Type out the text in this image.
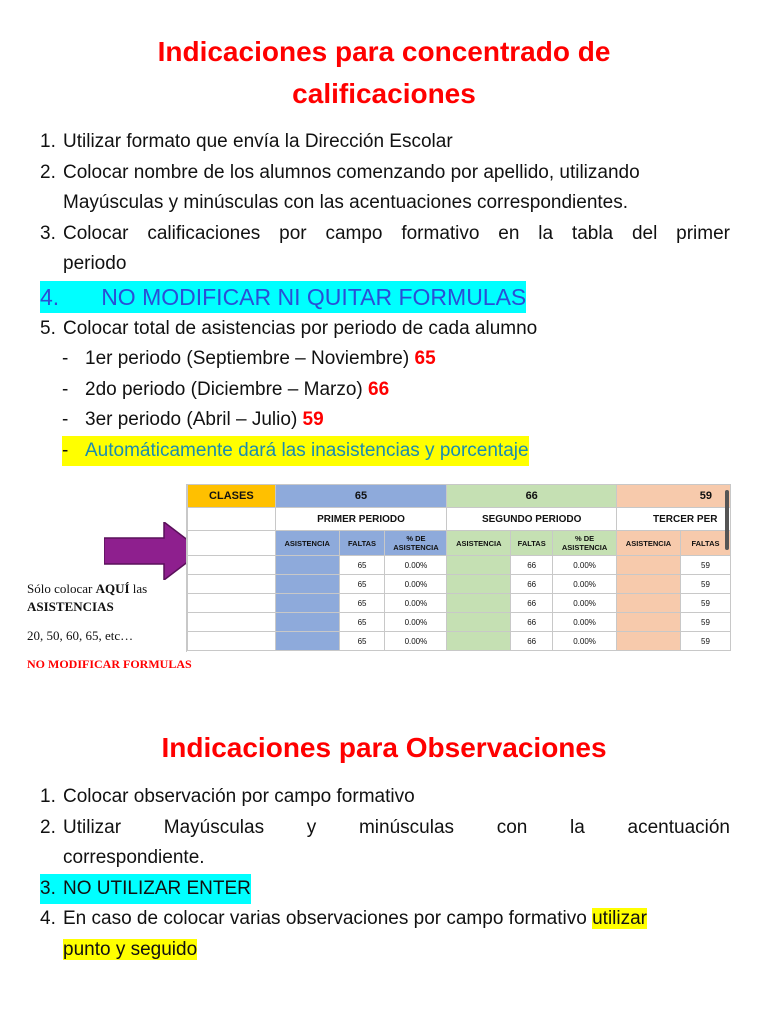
Indicaciones para concentrado de
calificaciones
1. Utilizar formato que envía la Dirección Escolar
2. Colocar nombre de los alumnos comenzando por apellido, utilizando
Mayúsculas y minúsculas con las acentuaciones correspondientes.
3. Colocar calificaciones por campo formativo en la tabla del primer
periodo
4. NO MODIFICAR NI QUITAR FORMULAS
5. Colocar total de asistencias por periodo de cada alumno
- 1er periodo (Septiembre – Noviembre) 65
- 2do periodo (Diciembre – Marzo) 66
- 3er periodo (Abril – Julio) 59
- Automáticamente dará las inasistencias y porcentaje
Sólo colocar AQUÍ las
ASISTENCIAS
20, 50, 60, 65, etc…
NO MODIFICAR FORMULAS
CLASES	65			66			59	
	PRIMER PERIODO			SEGUNDO PERIODO			TERCER PER	
	ASISTENCIA	FALTAS	% DE ASISTENCIA	ASISTENCIA	FALTAS	% DE ASISTENCIA	ASISTENCIA	FALTAS
		65	0.00%		66	0.00%		59
		65	0.00%		66	0.00%		59
		65	0.00%		66	0.00%		59
		65	0.00%		66	0.00%		59
		65	0.00%		66	0.00%		59
Indicaciones para Observaciones
1. Colocar observación por campo formativo
2. Utilizar Mayúsculas y minúsculas con la acentuación
correspondiente.
3. NO UTILIZAR ENTER
4. En caso de colocar varias observaciones por campo formativo utilizar
punto y seguido
